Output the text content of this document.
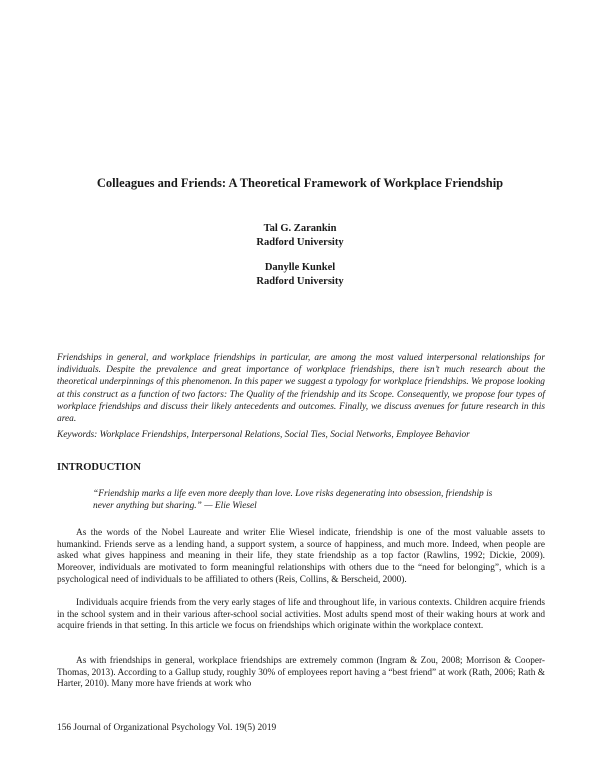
Colleagues and Friends: A Theoretical Framework of Workplace Friendship
Tal G. Zarankin
Radford University
Danylle Kunkel
Radford University

Friendships in general, and workplace friendships in particular, are among the most valued interpersonal relationships for individuals. Despite the prevalence and great importance of workplace friendships, there isn’t much research about the theoretical underpinnings of this phenomenon. In this paper we suggest a typology for workplace friendships. We propose looking at this construct as a function of two factors: The Quality of the friendship and its Scope. Consequently, we propose four types of workplace friendships and discuss their likely antecedents and outcomes. Finally, we discuss avenues for future research in this area.

Keywords: Workplace Friendships, Interpersonal Relations, Social Ties, Social Networks, Employee Behavior

INTRODUCTION

“Friendship marks a life even more deeply than love. Love risks degenerating into obsession, friendship is never anything but sharing.” — Elie Wiesel

As the words of the Nobel Laureate and writer Elie Wiesel indicate, friendship is one of the most valuable assets to humankind. Friends serve as a lending hand, a support system, a source of happiness, and much more. Indeed, when people are asked what gives happiness and meaning in their life, they state friendship as a top factor (Rawlins, 1992; Dickie, 2009). Moreover, individuals are motivated to form meaningful relationships with others due to the “need for belonging”, which is a psychological need of individuals to be affiliated to others (Reis, Collins, & Berscheid, 2000).

Individuals acquire friends from the very early stages of life and throughout life, in various contexts. Children acquire friends in the school system and in their various after-school social activities. Most adults spend most of their waking hours at work and acquire friends in that setting. In this article we focus on friendships which originate within the workplace context.

As with friendships in general, workplace friendships are extremely common (Ingram & Zou, 2008; Morrison & Cooper-Thomas, 2013). According to a Gallup study, roughly 30% of employees report having a “best friend” at work (Rath, 2006; Rath & Harter, 2010). Many more have friends at work who

156 Journal of Organizational Psychology Vol. 19(5) 2019
